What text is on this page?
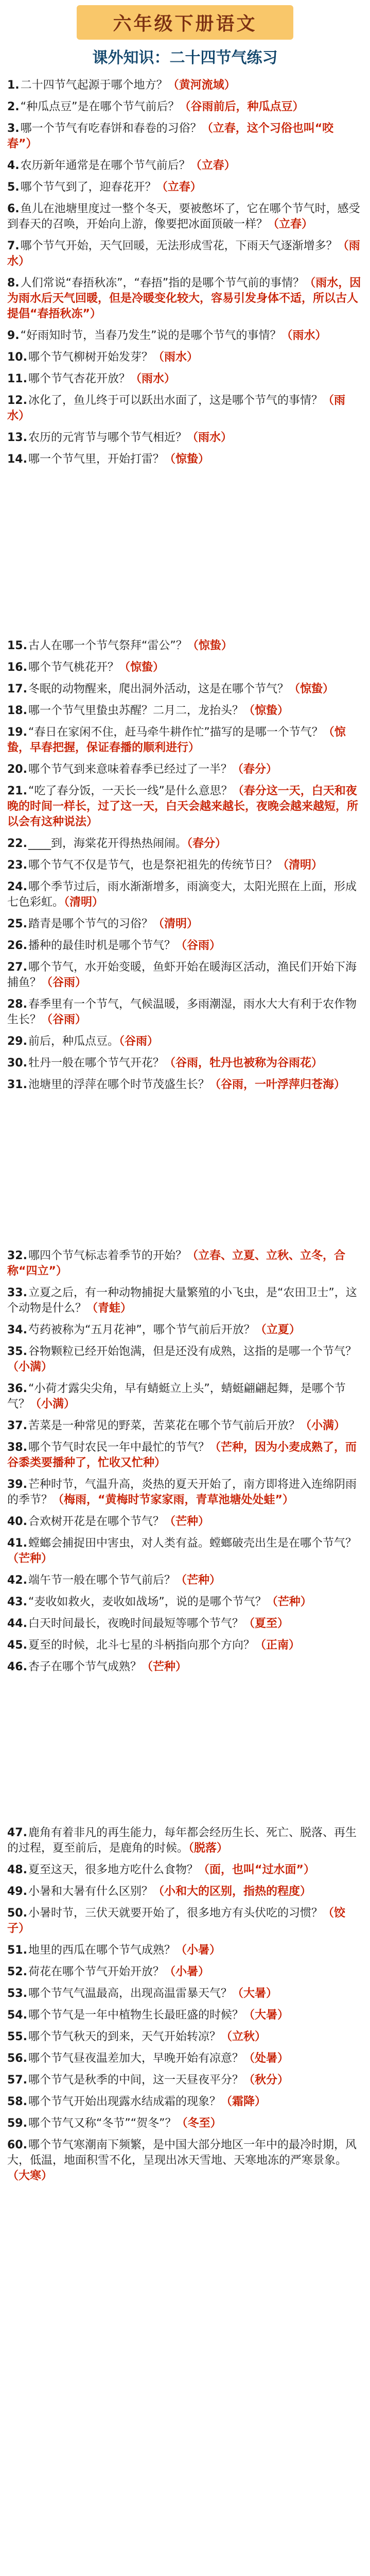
六年级下册语文
课外知识：二十四节气练习
1.二十四节气起源于哪个地方？ （ 黄河流域 ）
2.“种瓜点豆”是在哪个节气前后？ （ 谷雨前后，种瓜点豆 ）
3.哪一个节气有吃春饼和春卷的习俗？ （ 立春，这个习俗也叫“咬春” ）
4.农历新年通常是在哪个节气前后？ （ 立春 ）
5.哪个节气到了，迎春花开？ （ 立春 ）
6.鱼儿在池塘里度过一整个冬天，要被憋坏了，它在哪个节气时，感受到春天的召唤，开始向上游，像要把冰面顶破一样？ （ 立春 ）
7.哪个节气开始，天气回暖，无法形成雪花，下雨天气逐渐增多？ （ 雨水 ）
8.人们常说“春捂秋冻”，“春捂”指的是哪个节气前的事情？ （ 雨水，因为雨水后天气回暖，但是冷暖变化较大，容易引发身体不适，所以古人提倡“春捂秋冻” ）
9.“好雨知时节，当春乃发生”说的是哪个节气的事情？ （ 雨水 ）
10.哪个节气柳树开始发芽？ （ 雨水 ）
11.哪个节气杏花开放？ （ 雨水 ）
12.冰化了，鱼儿终于可以跃出水面了，这是哪个节气的事情？ （ 雨水 ）
13.农历的元宵节与哪个节气相近？ （ 雨水 ）
14.哪一个节气里，开始打雷？ （ 惊蛰 ）
15.古人在哪一个节气祭拜“雷公”？ （ 惊蛰 ）
16.哪个节气桃花开？ （ 惊蛰 ）
17.冬眠的动物醒来，爬出洞外活动，这是在哪个节气？ （ 惊蛰 ）
18.哪一个节气里蛰虫苏醒？二月二，龙抬头？ （ 惊蛰 ）
19.“春日在家闲不住，赶马牵牛耕作忙”描写的是哪一个节气？ （ 惊蛰，早春把握，保证春播的顺利进行 ）
20.哪个节气到来意味着春季已经过了一半？ （ 春分 ）
21.“吃了春分饭，一天长一线”是什么意思？ （ 春分这一天，白天和夜晚的时间一样长，过了这一天，白天会越来越长，夜晚会越来越短，所以会有这种说法 ）
22.____到，海棠花开得热热闹闹。 （ 春分 ）
23.哪个节气不仅是节气，也是祭祀祖先的传统节日？ （ 清明 ）
24.哪个季节过后，雨水渐渐增多，雨滴变大，太阳光照在上面，形成七色彩虹。 （ 清明 ）
25.踏青是哪个节气的习俗？ （ 清明 ）
26.播种的最佳时机是哪个节气？ （ 谷雨 ）
27.哪个节气，水开始变暖，鱼虾开始在暖海区活动，渔民们开始下海捕鱼？ （ 谷雨 ）
28.春季里有一个节气，气候温暖，多雨潮湿，雨水大大有利于农作物生长？ （ 谷雨 ）
29.前后，种瓜点豆。 （ 谷雨 ）
30.牡丹一般在哪个节气开花？ （ 谷雨，牡丹也被称为谷雨花 ）
31.池塘里的浮萍在哪个时节茂盛生长？ （ 谷雨，一叶浮萍归苍海 ）
32.哪四个节气标志着季节的开始？ （ 立春、立夏、立秋、立冬，合称“四立” ）
33.立夏之后，有一种动物捕捉大量繁殖的小飞虫，是“农田卫士”，这个动物是什么？ （ 青蛙 ）
34.芍药被称为“五月花神”，哪个节气前后开放？ （ 立夏 ）
35.谷物颗粒已经开始饱满，但是还没有成熟，这指的是哪一个节气？（ 小满 ）
36.“小荷才露尖尖角，早有蜻蜓立上头”，蜻蜓翩翩起舞，是哪个节气？ （ 小满 ）
37.苦菜是一种常见的野菜，苦菜花在哪个节气前后开放？ （ 小满 ）
38.哪个节气时农民一年中最忙的节气？ （ 芒种，因为小麦成熟了，而谷黍类要播种了，忙收又忙种 ）
39.芒种时节，气温升高，炎热的夏天开始了，南方即将进入连绵阴雨的季节？ （ 梅雨，“黄梅时节家家雨，青草池塘处处蛙” ）
40.合欢树开花是在哪个节气？ （ 芒种 ）
41.螳螂会捕捉田中害虫，对人类有益。螳螂破壳出生是在哪个节气？（ 芒种 ）
42.端午节一般在哪个节气前后？ （ 芒种 ）
43.“麦收如救火，麦收如战场”，说的是哪个节气？ （ 芒种 ）
44.白天时间最长，夜晚时间最短等哪个节气？ （ 夏至 ）
45.夏至的时候，北斗七星的斗柄指向那个方向？ （ 正南 ）
46.杏子在哪个节气成熟？ （ 芒种 ）
47.鹿角有着非凡的再生能力，每年都会经历生长、死亡、脱落、再生的过程，夏至前后，是鹿角的时候。 （ 脱落 ）
48.夏至这天，很多地方吃什么食物？ （ 面，也叫“过水面” ）
49.小暑和大暑有什么区别？ （ 小和大的区别，指热的程度 ）
50.小暑时节，三伏天就要开始了，很多地方有头伏吃的习惯？ （ 饺子 ）
51.地里的西瓜在哪个节气成熟？ （ 小暑 ）
52.荷花在哪个节气开始开放？ （ 小暑 ）
53.哪个节气气温最高，出现高温雷暴天气？ （ 大暑 ）
54.哪个节气是一年中植物生长最旺盛的时候？ （ 大暑 ）
55.哪个节气秋天的到来，天气开始转凉？ （ 立秋 ）
56.哪个节气昼夜温差加大，早晚开始有凉意？ （ 处暑 ）
57.哪个节气是秋季的中间，这一天昼夜平分？ （ 秋分 ）
58.哪个节气开始出现露水结成霜的现象？ （ 霜降 ）
59.哪个节气又称“冬节”“贺冬”？ （ 冬至 ）
60.哪个节气寒潮南下频繁，是中国大部分地区一年中的最冷时期，风大，低温，地面积雪不化，呈现出冰天雪地、天寒地冻的严寒景象。（ 大寒 ）
